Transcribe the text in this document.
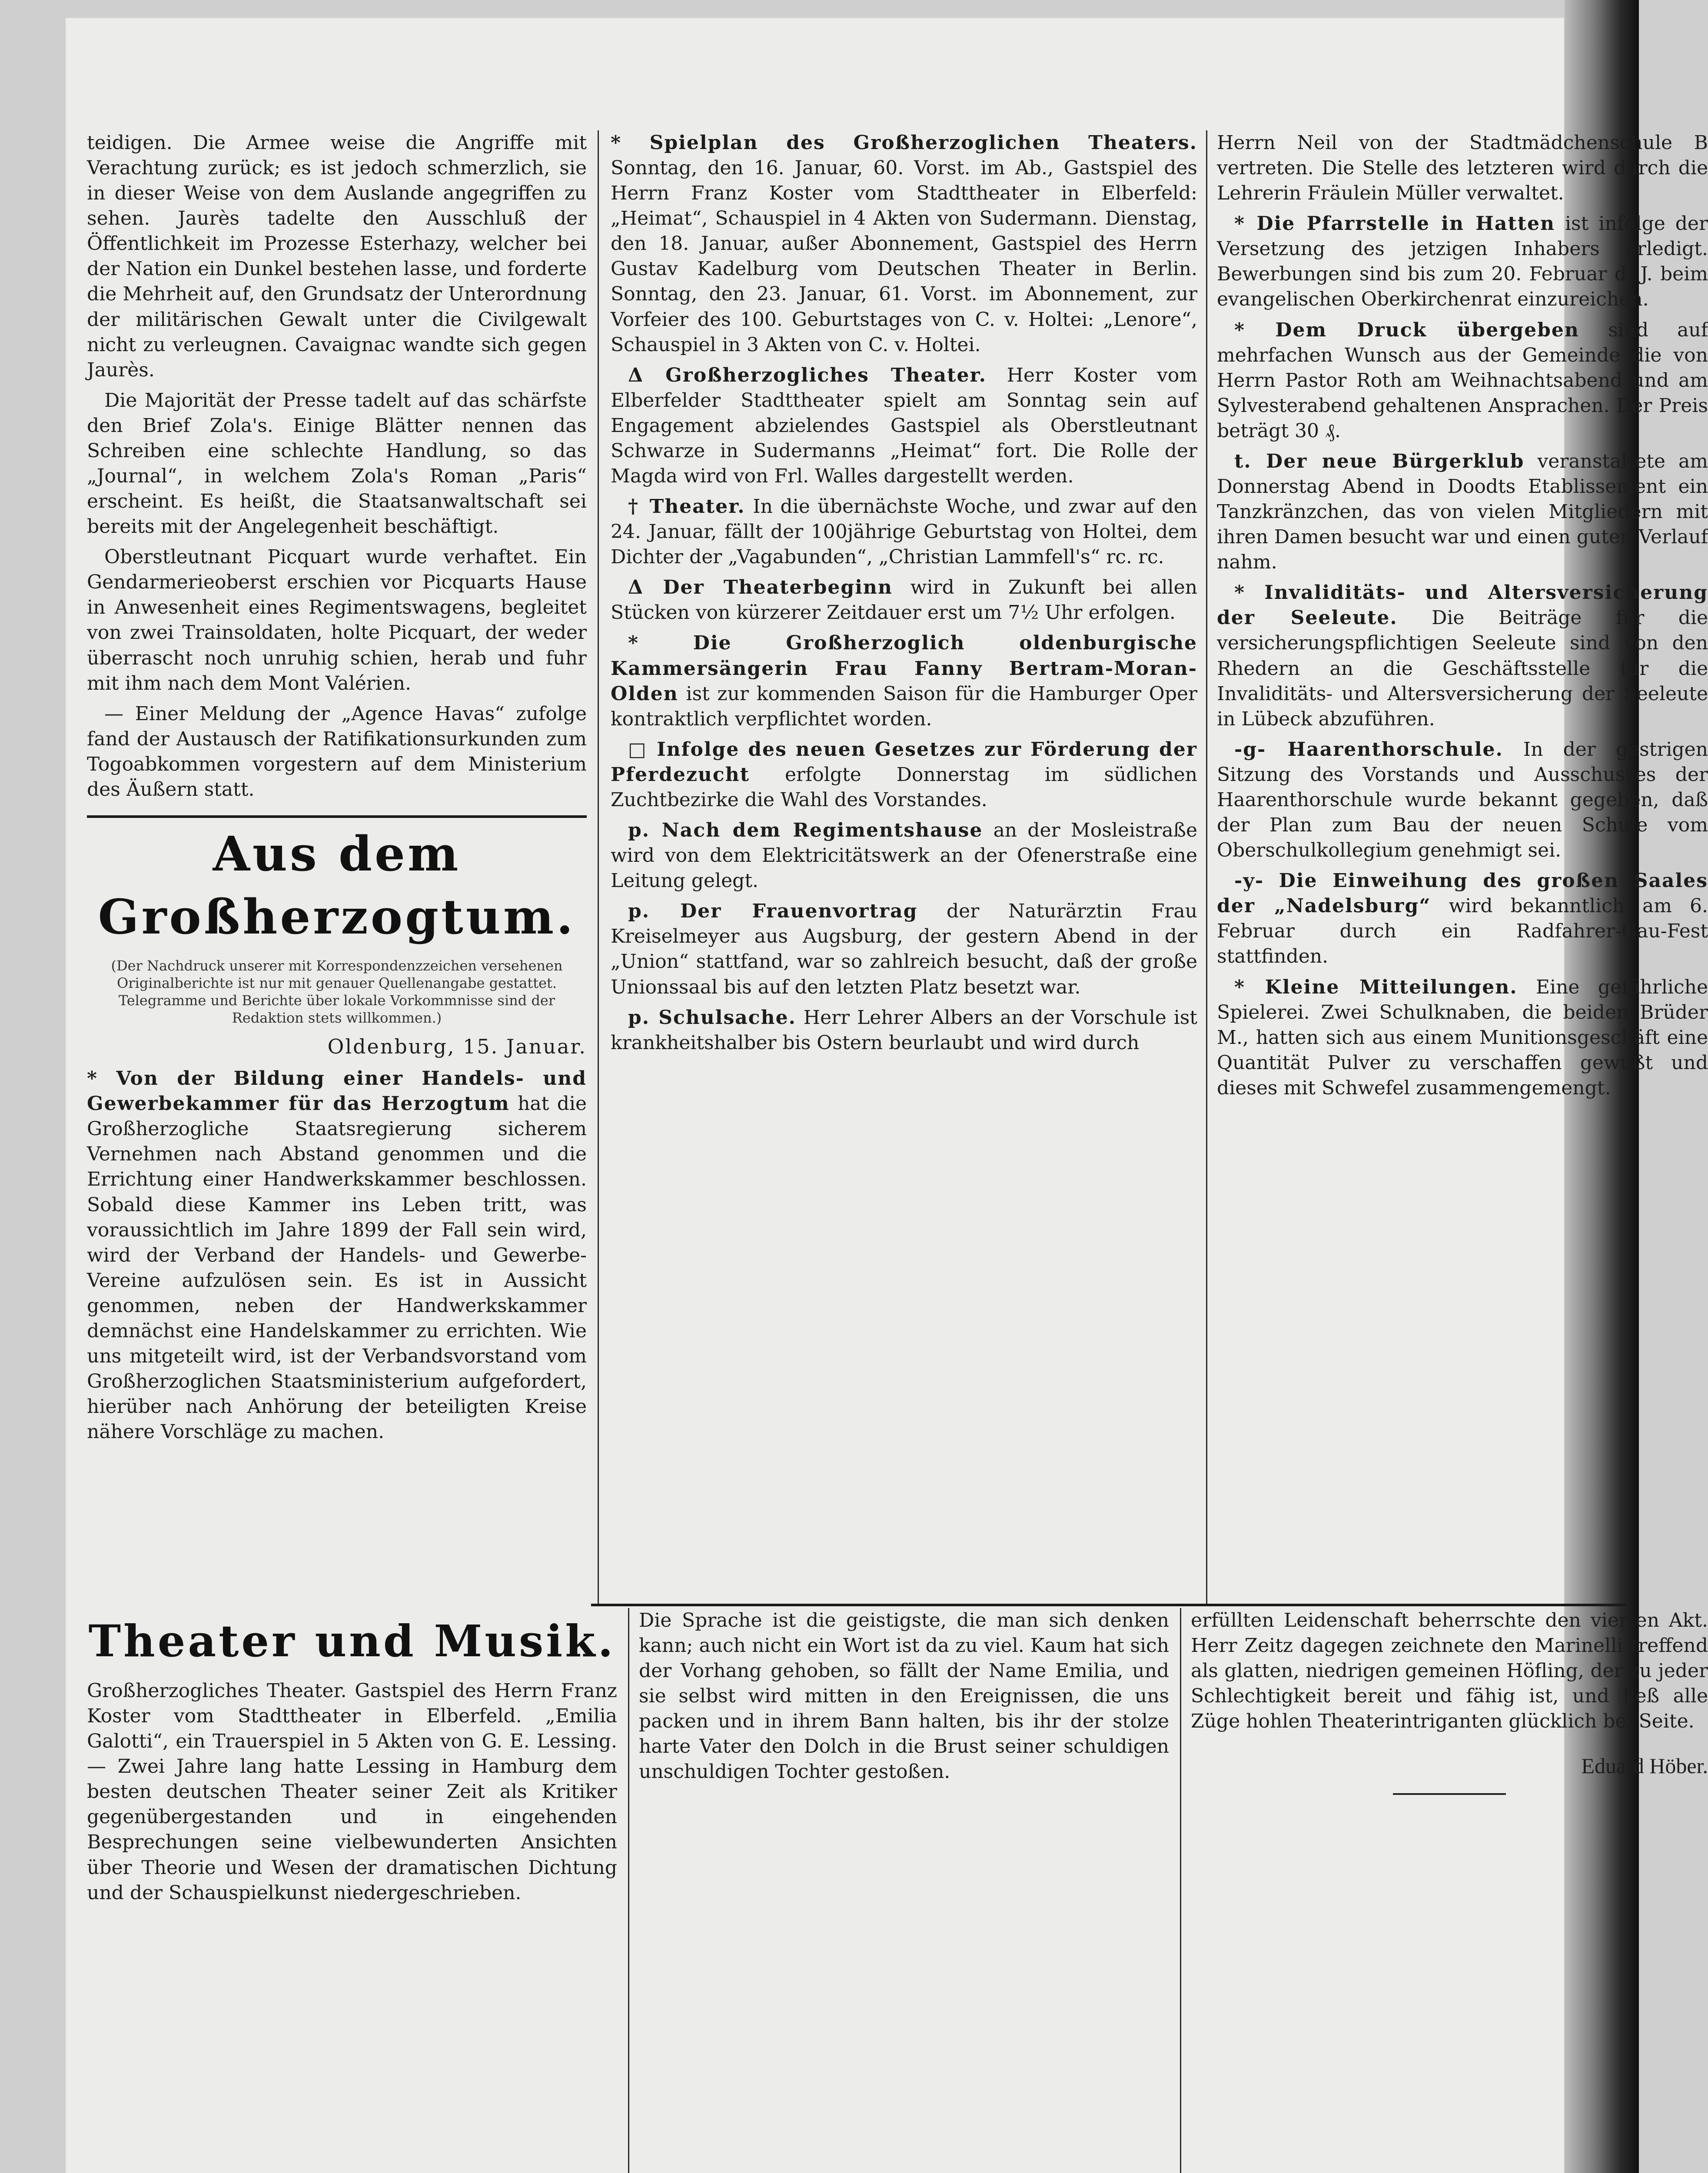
teidigen. Die Armee weise die Angriffe mit Verachtung zurück; es ist jedoch schmerzlich, sie in dieser Weise von dem Auslande angegriffen zu sehen. Jaurès tadelte den Ausschluß der Öffentlichkeit im Prozesse Esterhazy, welcher bei der Nation ein Dunkel bestehen lasse, und forderte die Mehrheit auf, den Grundsatz der Unterordnung der militärischen Gewalt unter die Civilgewalt nicht zu verleugnen. Cavaignac wandte sich gegen Jaurès.

Die Majorität der Presse tadelt auf das schärfste den Brief Zola's. Einige Blätter nennen das Schreiben eine schlechte Handlung, so das „Journal“, in welchem Zola's Roman „Paris“ erscheint. Es heißt, die Staatsanwaltschaft sei bereits mit der Angelegenheit beschäftigt.

Oberstleutnant Picquart wurde verhaftet. Ein Gendarmerieoberst erschien vor Picquarts Hause in Anwesenheit eines Regimentswagens, begleitet von zwei Trainsoldaten, holte Picquart, der weder überrascht noch unruhig schien, herab und fuhr mit ihm nach dem Mont Valérien.

— Einer Meldung der „Agence Havas“ zufolge fand der Austausch der Ratifikationsurkunden zum Togoabkommen vorgestern auf dem Ministerium des Äußern statt.

Aus dem Großherzogtum.
(Der Nachdruck unserer mit Korrespondenzzeichen versehenen Originalberichte ist nur mit genauer Quellenangabe gestattet. Telegramme und Berichte über lokale Vorkommnisse sind der Redaktion stets willkommen.)
Oldenburg, 15. Januar.

* Von der Bildung einer Handels- und Gewerbekammer für das Herzogtum hat die Großherzogliche Staatsregierung sicherem Vernehmen nach Abstand genommen und die Errichtung einer Handwerkskammer beschlossen. Sobald diese Kammer ins Leben tritt, was voraussichtlich im Jahre 1899 der Fall sein wird, wird der Verband der Handels- und Gewerbe-Vereine aufzulösen sein. Es ist in Aussicht genommen, neben der Handwerkskammer demnächst eine Handelskammer zu errichten. Wie uns mitgeteilt wird, ist der Verbandsvorstand vom Großherzoglichen Staatsministerium aufgefordert, hierüber nach Anhörung der beteiligten Kreise nähere Vorschläge zu machen.

* Spielplan des Großherzoglichen Theaters. Sonntag, den 16. Januar, 60. Vorst. im Ab., Gastspiel des Herrn Franz Koster vom Stadttheater in Elberfeld: „Heimat“, Schauspiel in 4 Akten von Sudermann. Dienstag, den 18. Januar, außer Abonnement, Gastspiel des Herrn Gustav Kadelburg vom Deutschen Theater in Berlin. Sonntag, den 23. Januar, 61. Vorst. im Abonnement, zur Vorfeier des 100. Geburtstages von C. v. Holtei: „Lenore“, Schauspiel in 3 Akten von C. v. Holtei.

Δ Großherzogliches Theater. Herr Koster vom Elberfelder Stadttheater spielt am Sonntag sein auf Engagement abzielendes Gastspiel als Oberstleutnant Schwarze in Sudermanns „Heimat“ fort. Die Rolle der Magda wird von Frl. Walles dargestellt werden.

† Theater. In die übernächste Woche, und zwar auf den 24. Januar, fällt der 100jährige Geburtstag von Holtei, dem Dichter der „Vagabunden“, „Christian Lammfell's“ rc. rc.

Δ Der Theaterbeginn wird in Zukunft bei allen Stücken von kürzerer Zeitdauer erst um 7½ Uhr erfolgen.

* Die Großherzoglich oldenburgische Kammersängerin Frau Fanny Bertram-Moran-Olden ist zur kommenden Saison für die Hamburger Oper kontraktlich verpflichtet worden.

□ Infolge des neuen Gesetzes zur Förderung der Pferdezucht erfolgte Donnerstag im südlichen Zuchtbezirke die Wahl des Vorstandes.

p. Nach dem Regimentshause an der Mosleistraße wird von dem Elektricitätswerk an der Ofenerstraße eine Leitung gelegt.

p. Der Frauenvortrag der Naturärztin Frau Kreiselmeyer aus Augsburg, der gestern Abend in der „Union“ stattfand, war so zahlreich besucht, daß der große Unionssaal bis auf den letzten Platz besetzt war.

p. Schulsache. Herr Lehrer Albers an der Vorschule ist krankheitshalber bis Ostern beurlaubt und wird durch

Herrn Neil von der Stadtmädchenschule B vertreten. Die Stelle des letzteren wird durch die Lehrerin Fräulein Müller verwaltet.

* Die Pfarrstelle in Hatten ist infolge der Versetzung des jetzigen Inhabers erledigt. Bewerbungen sind bis zum 20. Februar d. J. beim evangelischen Oberkirchenrat einzureichen.

* Dem Druck übergeben sind auf mehrfachen Wunsch aus der Gemeinde die von Herrn Pastor Roth am Weihnachtsabend und am Sylvesterabend gehaltenen Ansprachen. Der Preis beträgt 30 ₰.

t. Der neue Bürgerklub veranstaltete am Donnerstag Abend in Doodts Etablissement ein Tanzkränzchen, das von vielen Mitgliedern mit ihren Damen besucht war und einen guten Verlauf nahm.

* Invaliditäts- und Altersversicherung der Seeleute. Die Beiträge für die versicherungspflichtigen Seeleute sind von den Rhedern an die Geschäftsstelle für die Invaliditäts- und Altersversicherung der Seeleute in Lübeck abzuführen.

-g- Haarenthorschule. In der gestrigen Sitzung des Vorstands und Ausschusses der Haarenthorschule wurde bekannt gegeben, daß der Plan zum Bau der neuen Schule vom Oberschulkollegium genehmigt sei.

-y- Die Einweihung des großen Saales der „Nadelsburg“ wird bekanntlich am 6. Februar durch ein Radfahrer-Gau-Fest stattfinden.

* Kleine Mitteilungen. Eine gefährliche Spielerei. Zwei Schulknaben, die beiden Brüder M., hatten sich aus einem Munitionsgeschäft eine Quantität Pulver zu verschaffen gewußt und dieses mit Schwefel zusammengemengt.

Theater und Musik.

Großherzogliches Theater. Gastspiel des Herrn Franz Koster vom Stadttheater in Elberfeld. „Emilia Galotti“, ein Trauerspiel in 5 Akten von G. E. Lessing. — Zwei Jahre lang hatte Lessing in Hamburg dem besten deutschen Theater seiner Zeit als Kritiker gegenübergestanden und in eingehenden Besprechungen seine vielbewunderten Ansichten über Theorie und Wesen der dramatischen Dichtung und der Schauspielkunst niedergeschrieben.

Die Sprache ist die geistigste, die man sich denken kann; auch nicht ein Wort ist da zu viel. Kaum hat sich der Vorhang gehoben, so fällt der Name Emilia, und sie selbst wird mitten in den Ereignissen, die uns packen und in ihrem Bann halten, bis ihr der stolze harte Vater den Dolch in die Brust seiner schuldigen unschuldigen Tochter gestoßen.

erfüllten Leidenschaft beherrschte den vierten Akt. Herr Zeitz dagegen zeichnete den Marinelli treffend als glatten, niedrigen gemeinen Höfling, der zu jeder Schlechtigkeit bereit und fähig ist, und ließ alle Züge hohlen Theaterintriganten glücklich bei Seite.

Eduard Höber.
